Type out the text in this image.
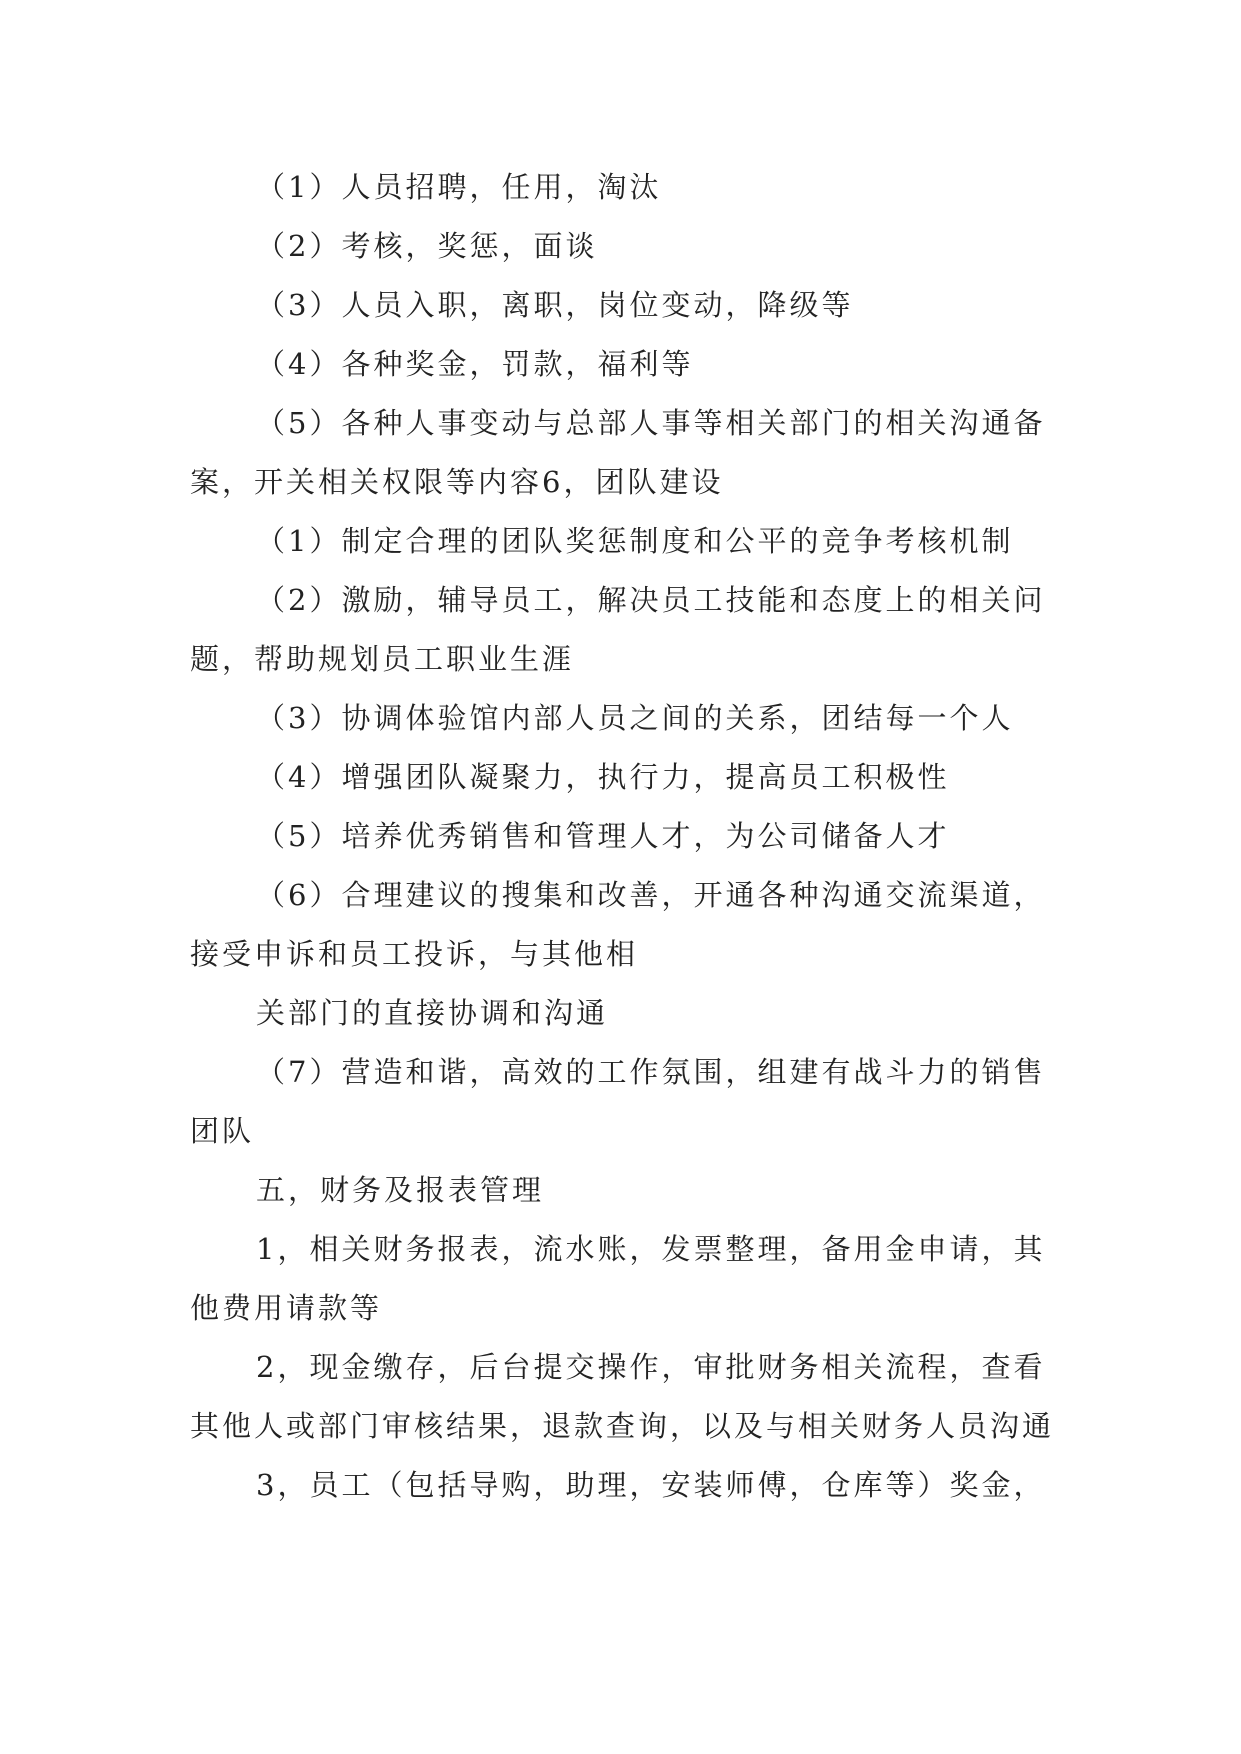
（1）人员招聘，任用，淘汰

（2）考核，奖惩，面谈

（3）人员入职，离职，岗位变动，降级等

（4）各种奖金，罚款，福利等

（5）各种人事变动与总部人事等相关部门的相关沟通备案，开关相关权限等内容6，团队建设

（1）制定合理的团队奖惩制度和公平的竞争考核机制

（2）激励，辅导员工，解决员工技能和态度上的相关问题，帮助规划员工职业生涯

（3）协调体验馆内部人员之间的关系，团结每一个人

（4）增强团队凝聚力，执行力，提高员工积极性

（5）培养优秀销售和管理人才，为公司储备人才

（6）合理建议的搜集和改善，开通各种沟通交流渠道，接受申诉和员工投诉，与其他相

关部门的直接协调和沟通

（7）营造和谐，高效的工作氛围，组建有战斗力的销售团队

五，财务及报表管理

1，相关财务报表，流水账，发票整理，备用金申请，其他费用请款等

2，现金缴存，后台提交操作，审批财务相关流程，查看其他人或部门审核结果，退款查询，以及与相关财务人员沟通

3，员工（包括导购，助理，安装师傅，仓库等）奖金，
